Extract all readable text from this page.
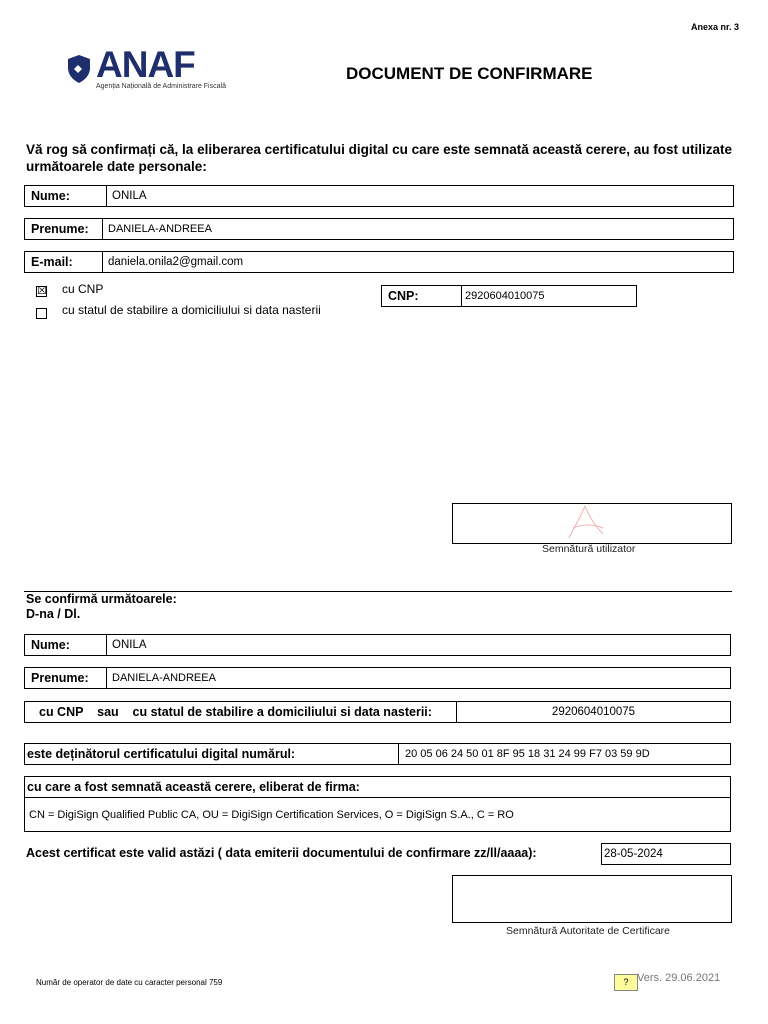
Anexa nr. 3
ANAF
Agenția Națională de Administrare Fiscală
DOCUMENT DE CONFIRMARE
Vă rog să confirmați că, la eliberarea certificatului digital cu care este semnată această cerere, au fost utilizate următoarele date personale:
Nume:	ONILA
Prenume:	DANIELA-ANDREEA
E-mail:	daniela.onila2@gmail.com
☒ cu CNP
cu statul de stabilire a domiciliului si data nasterii
CNP:	2920604010075
Semnătură utilizator
Se confirmă următoarele:
D-na / Dl.
Nume:	ONILA
Prenume:	DANIELA-ANDREEA
cu CNP    sau    cu statul de stabilire a domiciliului si data nasterii:	2920604010075
este deținătorul certificatului digital numărul:	20 05 06 24 50 01 8F 95 18 31 24 99 F7 03 59 9D
cu care a fost semnată această cerere, eliberat de firma:
CN = DigiSign Qualified Public CA, OU = DigiSign Certification Services, O = DigiSign S.A., C = RO
Acest certificat este valid astăzi ( data emiterii documentului de confirmare zz/ll/aaaa):	28-05-2024
Semnătură Autoritate de Certificare
Număr de operator de date cu caracter personal 759	? Vers. 29.06.2021
